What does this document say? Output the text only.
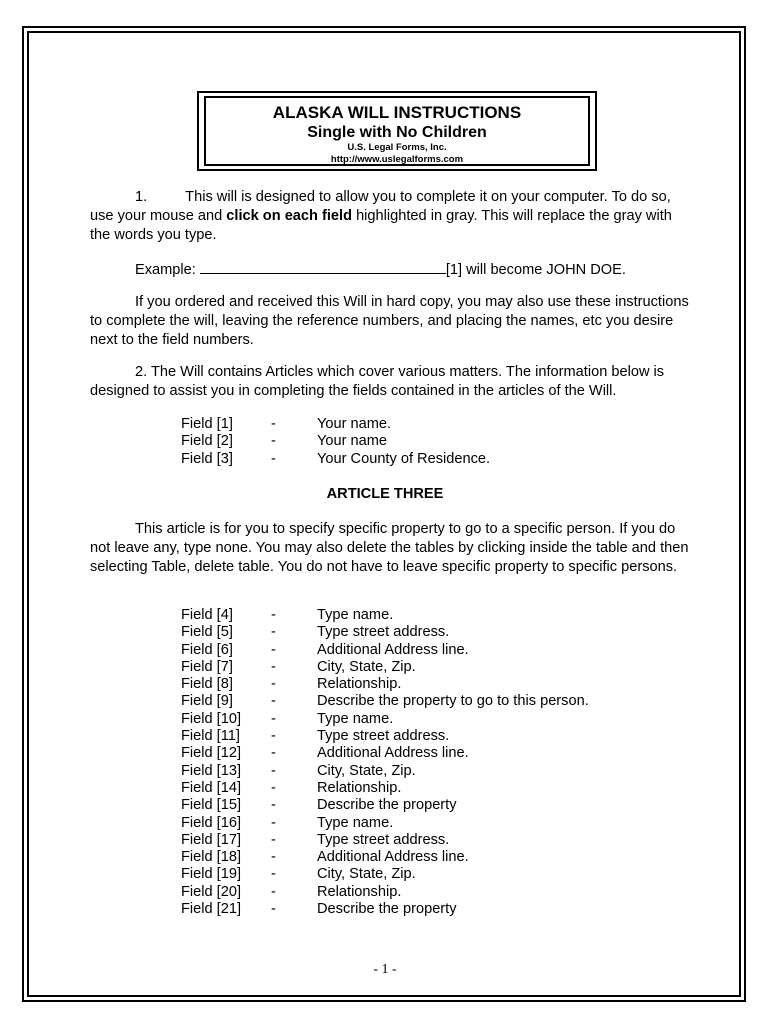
ALASKA WILL INSTRUCTIONS
Single with No Children
U.S. Legal Forms, Inc.
http://www.uslegalforms.com
1.	This will is designed to allow you to complete it on your computer. To do so, use your mouse and click on each field highlighted in gray. This will replace the gray with the words you type.
Example:	[1] will become JOHN DOE.
If you ordered and received this Will in hard copy, you may also use these instructions to complete the will, leaving the reference numbers, and placing the names, etc you desire next to the field numbers.
2. The Will contains Articles which cover various matters. The information below is designed to assist you in completing the fields contained in the articles of the Will.
Field [1]	-	Your name.
Field [2]	-	Your name
Field [3]	-	Your County of Residence.
ARTICLE THREE
This article is for you to specify specific property to go to a specific person. If you do not leave any, type none. You may also delete the tables by clicking inside the table and then selecting Table, delete table. You do not have to leave specific property to specific persons.
Field [4]	-	Type name.
Field [5]	-	Type street address.
Field [6]	-	Additional Address line.
Field [7]	-	City, State, Zip.
Field [8]	-	Relationship.
Field [9]	-	Describe the property to go to this person.
Field [10]	-	Type name.
Field [11]	-	Type street address.
Field [12]	-	Additional Address line.
Field [13]	-	City, State, Zip.
Field [14]	-	Relationship.
Field [15]	-	Describe the property
Field [16]	-	Type name.
Field [17]	-	Type street address.
Field [18]	-	Additional Address line.
Field [19]	-	City, State, Zip.
Field [20]	-	Relationship.
Field [21]	-	Describe the property
- 1 -
